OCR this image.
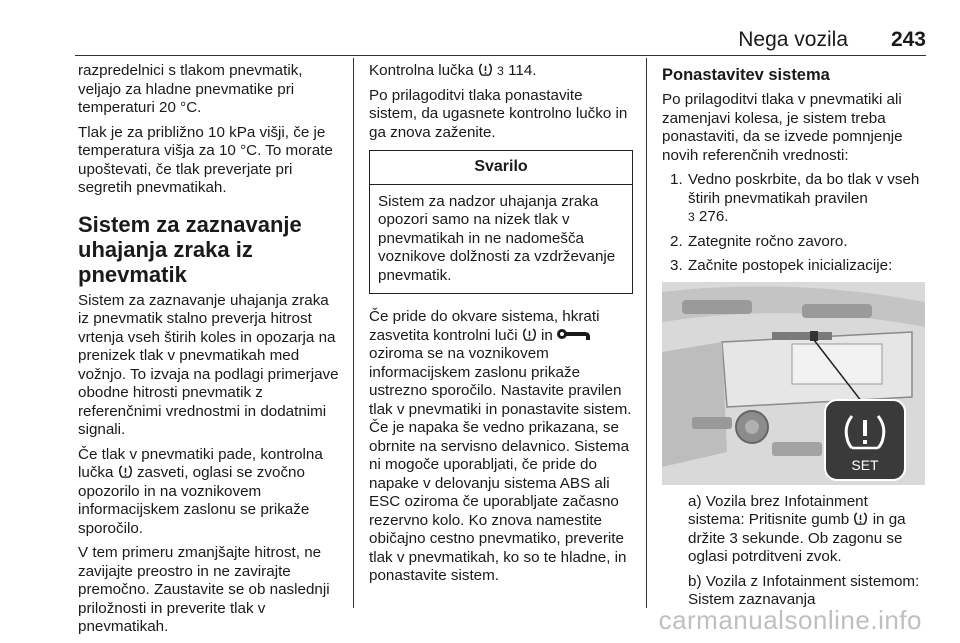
Nega vozila 243

razpredelnici s tlakom pnevmatik, veljajo za hladne pnevmatike pri temperaturi 20 °C.

Tlak je za približno 10 kPa višji, če je temperatura višja za 10 °C. To morate upoštevati, če tlak preverjate pri segretih pnevmatikah.

Sistem za zaznavanje uhajanja zraka iz pnevmatik

Sistem za zaznavanje uhajanja zraka iz pnevmatik stalno preverja hitrost vrtenja vseh štirih koles in opozarja na prenizek tlak v pnevmatikah med vožnjo. To izvaja na podlagi primerjave obodne hitrosti pnevmatik z referenčnimi vrednostmi in dodatnimi signali.

Če tlak v pnevmatiki pade, kontrolna lučka zasveti, oglasi se zvočno opozorilo in na voznikovem informacijskem zaslonu se prikaže sporočilo.

V tem primeru zmanjšajte hitrost, ne zavijajte preostro in ne zavirajte premočno. Zaustavite se ob naslednji priložnosti in preverite tlak v pnevmatikah.

Kontrolna lučka 3 114.

Po prilagoditvi tlaka ponastavite sistem, da ugasnete kontrolno lučko in ga znova zaženite.

Svarilo
Sistem za nadzor uhajanja zraka opozori samo na nizek tlak v pnevmatikah in ne nadomešča voznikove dolžnosti za vzdrževanje pnevmatik.

Če pride do okvare sistema, hkrati zasvetita kontrolni luči in  oziroma se na voznikovem informacijskem zaslonu prikaže ustrezno sporočilo. Nastavite pravilen tlak v pnevmatiki in ponastavite sistem. Če je napaka še vedno prikazana, se obrnite na servisno delavnico. Sistema ni mogoče uporabljati, če pride do napake v delovanju sistema ABS ali ESC oziroma če uporabljate začasno rezervno kolo. Ko znova namestite običajno cestno pnevmatiko, preverite tlak v pnevmatikah, ko so te hladne, in ponastavite sistem.

Ponastavitev sistema

Po prilagoditvi tlaka v pnevmatiki ali zamenjavi kolesa, je sistem treba ponastaviti, da se izvede pomnjenje novih referenčnih vrednosti:

1. Vedno poskrbite, da bo tlak v vseh štirih pnevmatikah pravilen
3 276.
2. Zategnite ročno zavoro.
3. Začnite postopek inicializacije:
SET

a) Vozila brez Infotainment sistema: Pritisnite gumb in ga držite 3 sekunde. Ob zagonu se oglasi potrditveni zvok.

b) Vozila z Infotainment sistemom: Sistem zaznavanja

carmanualsonline.info
